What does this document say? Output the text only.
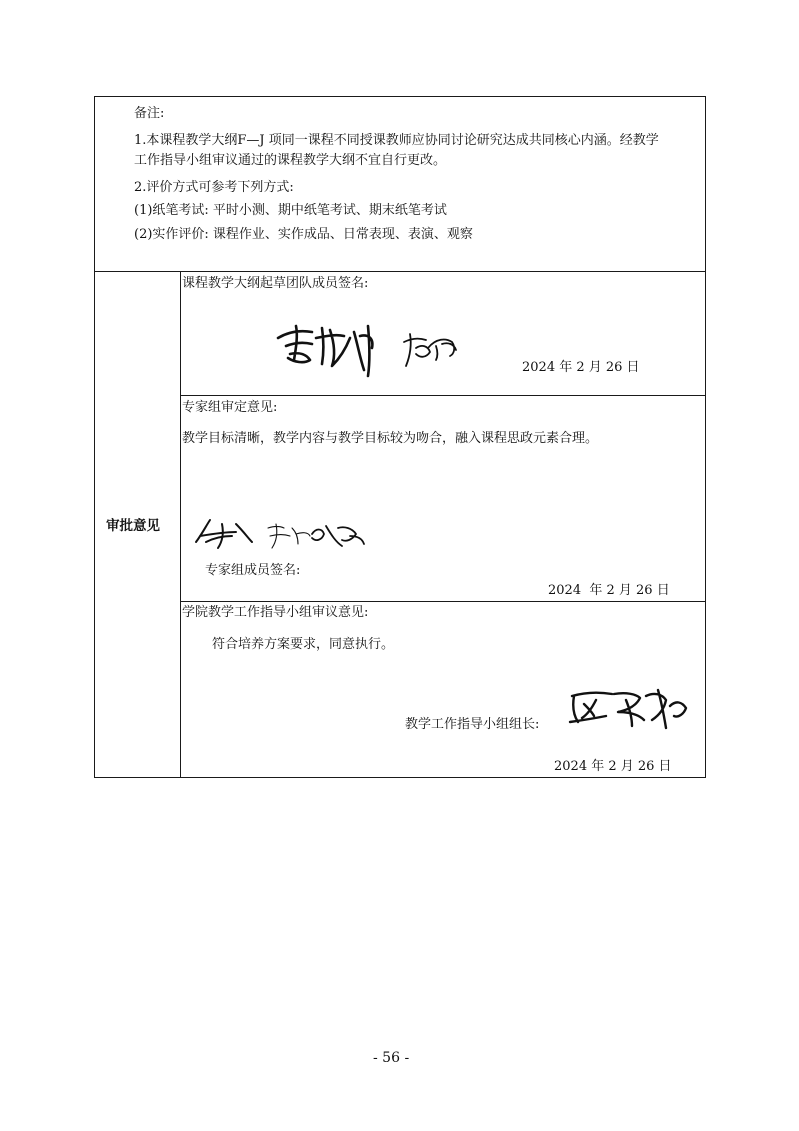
备注:
1.本课程教学大纲F—J 项同一课程不同授课教师应协同讨论研究达成共同核心内涵。经教学
工作指导小组审议通过的课程教学大纲不宜自行更改。
2.评价方式可参考下列方式:
(1)纸笔考试: 平时小测、期中纸笔考试、期末纸笔考试
(2)实作评价: 课程作业、实作成品、日常表现、表演、观察
审批意见
课程教学大纲起草团队成员签名:
2024 年 2 月 26 日
专家组审定意见:
教学目标清晰，教学内容与教学目标较为吻合，融入课程思政元素合理。
专家组成员签名:
2024  年 2 月 26 日
学院教学工作指导小组审议意见:
符合培养方案要求，同意执行。
教学工作指导小组组长:
2024 年 2 月 26 日
- 56 -
